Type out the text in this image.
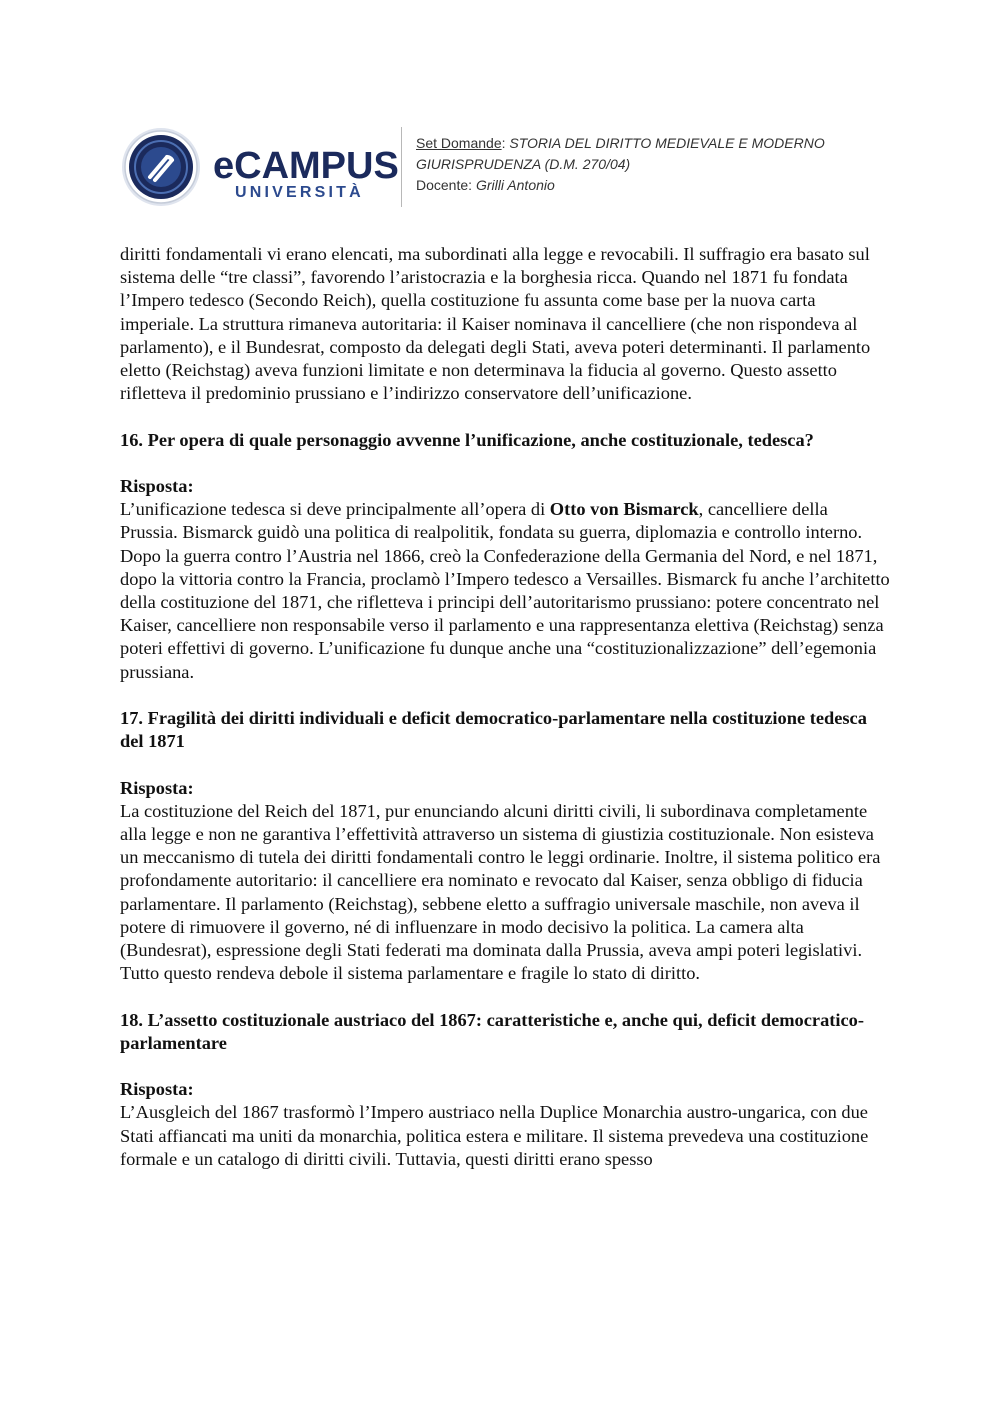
eCAMPUS
UNIVERSITÀ
Set Domande: STORIA DEL DIRITTO MEDIEVALE E MODERNO
GIURISPRUDENZA (D.M. 270/04)
Docente: Grilli Antonio

diritti fondamentali vi erano elencati, ma subordinati alla legge e revocabili. Il suffragio era basato sul sistema delle “tre classi”, favorendo l’aristocrazia e la borghesia ricca. Quando nel 1871 fu fondata l’Impero tedesco (Secondo Reich), quella costituzione fu assunta come base per la nuova carta imperiale. La struttura rimaneva autoritaria: il Kaiser nominava il cancelliere (che non rispondeva al parlamento), e il Bundesrat, composto da delegati degli Stati, aveva poteri determinanti. Il parlamento eletto (Reichstag) aveva funzioni limitate e non determinava la fiducia al governo. Questo assetto rifletteva il predominio prussiano e l’indirizzo conservatore dell’unificazione.

16. Per opera di quale personaggio avvenne l’unificazione, anche costituzionale, tedesca?

Risposta:

L’unificazione tedesca si deve principalmente all’opera di Otto von Bismarck, cancelliere della Prussia. Bismarck guidò una politica di realpolitik, fondata su guerra, diplomazia e controllo interno. Dopo la guerra contro l’Austria nel 1866, creò la Confederazione della Germania del Nord, e nel 1871, dopo la vittoria contro la Francia, proclamò l’Impero tedesco a Versailles. Bismarck fu anche l’architetto della costituzione del 1871, che rifletteva i principi dell’autoritarismo prussiano: potere concentrato nel Kaiser, cancelliere non responsabile verso il parlamento e una rappresentanza elettiva (Reichstag) senza poteri effettivi di governo. L’unificazione fu dunque anche una “costituzionalizzazione” dell’egemonia prussiana.

17. Fragilità dei diritti individuali e deficit democratico-parlamentare nella costituzione tedesca del 1871

Risposta:

La costituzione del Reich del 1871, pur enunciando alcuni diritti civili, li subordinava completamente alla legge e non ne garantiva l’effettività attraverso un sistema di giustizia costituzionale. Non esisteva un meccanismo di tutela dei diritti fondamentali contro le leggi ordinarie. Inoltre, il sistema politico era profondamente autoritario: il cancelliere era nominato e revocato dal Kaiser, senza obbligo di fiducia parlamentare. Il parlamento (Reichstag), sebbene eletto a suffragio universale maschile, non aveva il potere di rimuovere il governo, né di influenzare in modo decisivo la politica. La camera alta (Bundesrat), espressione degli Stati federati ma dominata dalla Prussia, aveva ampi poteri legislativi. Tutto questo rendeva debole il sistema parlamentare e fragile lo stato di diritto.

18. L’assetto costituzionale austriaco del 1867: caratteristiche e, anche qui, deficit democratico-parlamentare

Risposta:

L’Ausgleich del 1867 trasformò l’Impero austriaco nella Duplice Monarchia austro-ungarica, con due Stati affiancati ma uniti da monarchia, politica estera e militare. Il sistema prevedeva una costituzione formale e un catalogo di diritti civili. Tuttavia, questi diritti erano spesso
